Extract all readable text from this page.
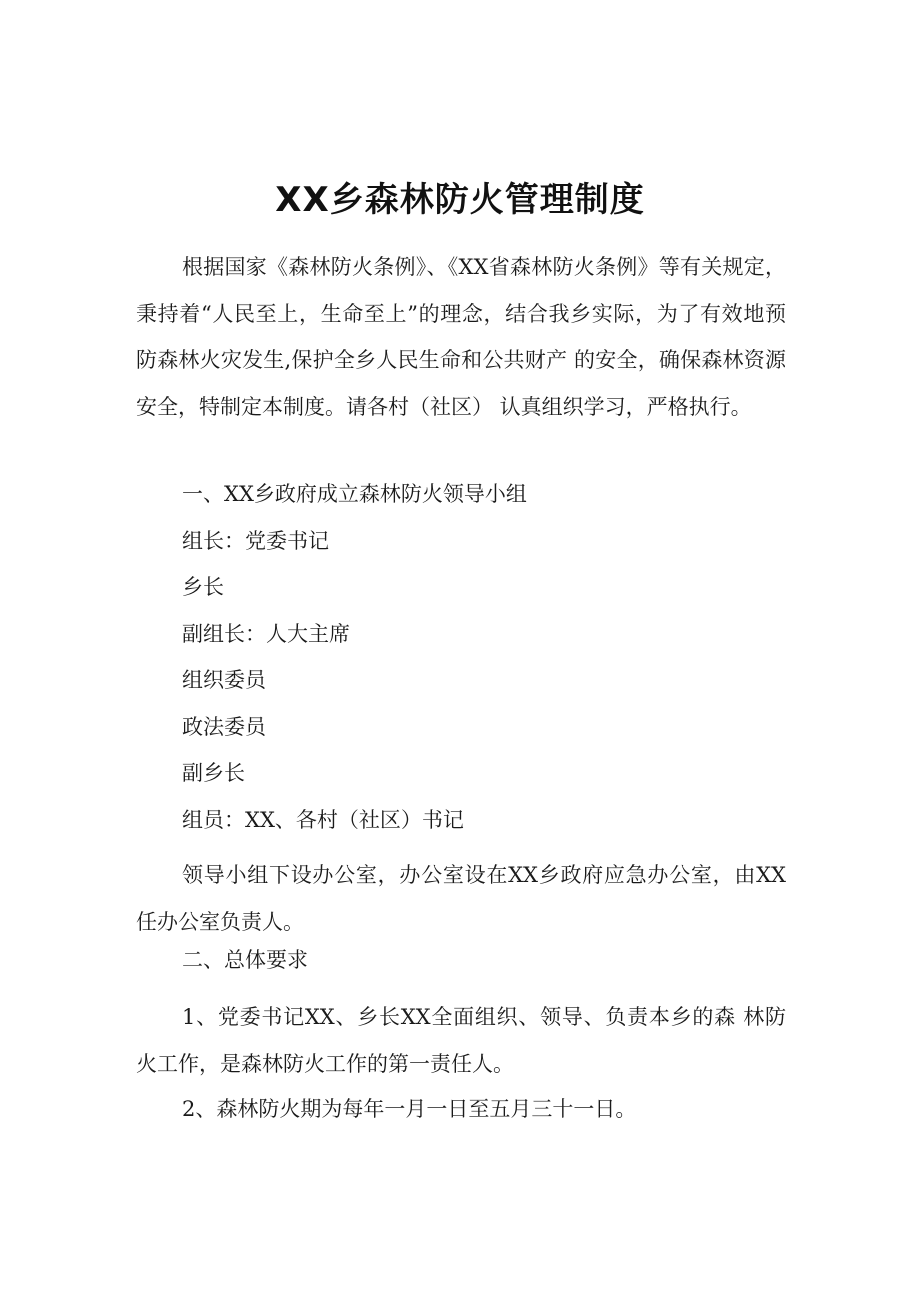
XX乡森林防火管理制度
根据国家《森林防火条例》、《XX省森林防火条例》等有关规定，秉持着“人民至上，生命至上”的理念，结合我乡实际，为了有效地预防森林火灾发生,保护全乡人民生命和公共财产 的安全，确保森林资源安全，特制定本制度。请各村（社区） 认真组织学习，严格执行。
一、XX乡政府成立森林防火领导小组
组长：党委书记
乡长
副组长：人大主席
组织委员
政法委员
副乡长
组员：XX、各村（社区）书记
领导小组下设办公室，办公室设在XX乡政府应急办公室，由XX任办公室负责人。
二、总体要求
1、党委书记XX、乡长XX全面组织、领导、负责本乡的森 林防火工作，是森林防火工作的第一责任人。
2、森林防火期为每年一月一日至五月三十一日。
